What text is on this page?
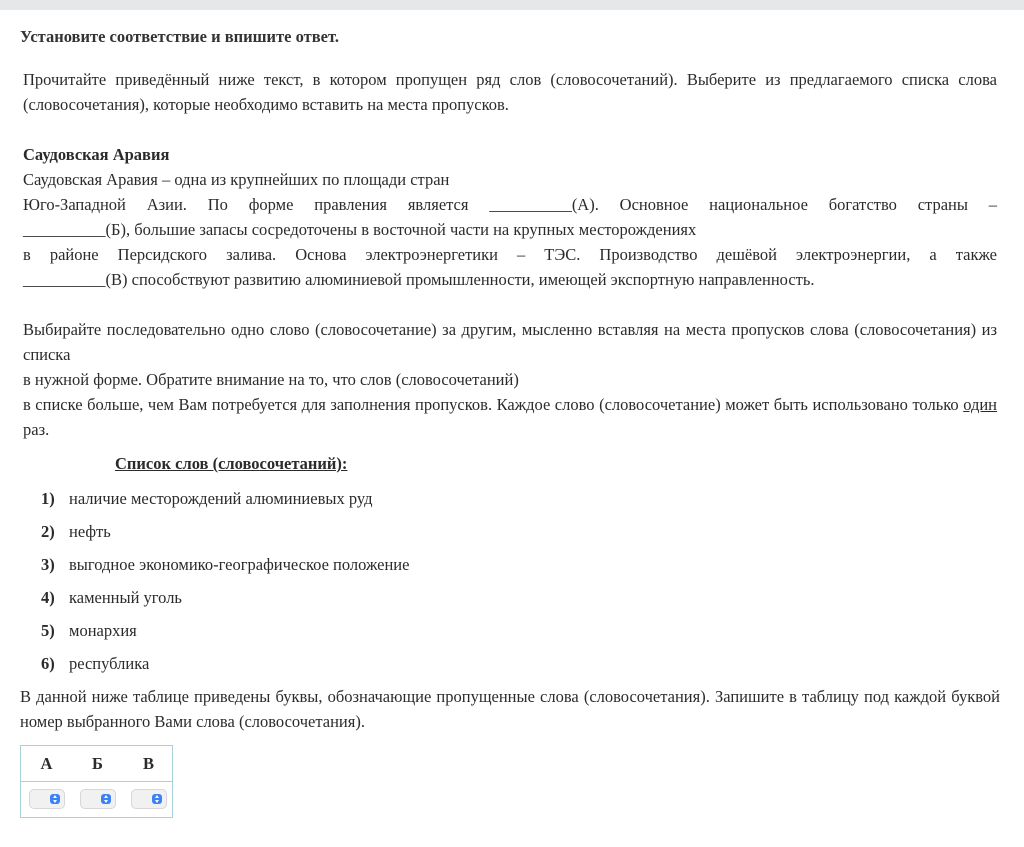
Установите соответствие и впишите ответ.
Прочитайте приведённый ниже текст, в котором пропущен ряд слов (словосочетаний). Выберите из предлагаемого списка слова (словосочетания), которые необходимо вставить на места пропусков.
Саудовская Аравия
Саудовская Аравия – одна из крупнейших по площади стран
Юго-Западной Азии. По форме правления является __________(А). Основное национальное богатство страны –
__________(Б), большие запасы сосредоточены в восточной части на крупных месторождениях
в районе Персидского залива. Основа электроэнергетики – ТЭС. Производство дешёвой электроэнергии, а также
__________(В) способствуют развитию алюминиевой промышленности, имеющей экспортную направленность.
Выбирайте последовательно одно слово (словосочетание) за другим, мысленно вставляя на места пропусков слова (словосочетания) из списка
в нужной форме. Обратите внимание на то, что слов (словосочетаний)
в списке больше, чем Вам потребуется для заполнения пропусков. Каждое слово (словосочетание) может быть использовано только один раз.
Список слов (словосочетаний):
1) наличие месторождений алюминиевых руд
2) нефть
3) выгодное экономико-географическое положение
4) каменный уголь
5) монархия
6) республика
В данной ниже таблице приведены буквы, обозначающие пропущенные слова (словосочетания). Запишите в таблицу под каждой буквой номер выбранного Вами слова (словосочетания).
А	Б	В
